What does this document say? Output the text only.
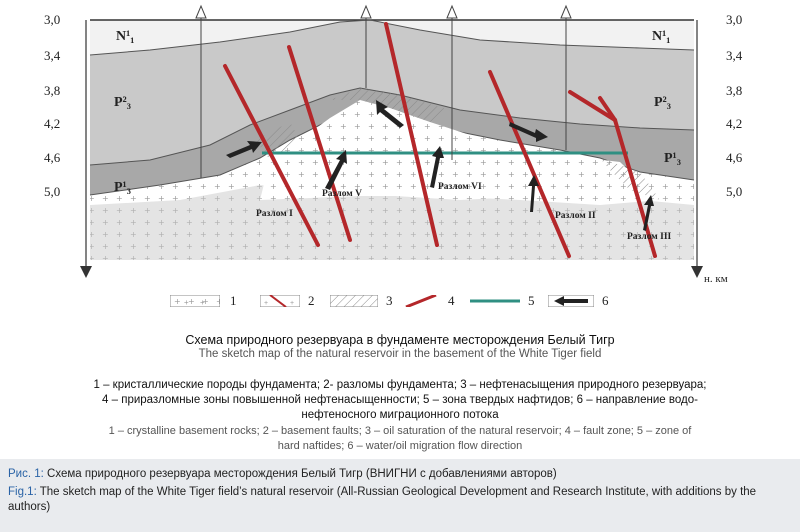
3,0
3,4
3,8
4,2
4,6
5,0
3,0
3,4
3,8
4,2
4,6
5,0
н. км
N¹₁	N¹₁
P²₃	P²₃
P¹₃
P¹₃
Разлом I
Разлом V
Разлом VI
Разлом II
Разлом III
+ + 1	+	+ 2	3	4	5	6
Схема природного резервуара в фундаменте месторождения Белый Тигр
The sketch map of the natural reservoir in the basement of the White Tiger field
1 – кристаллические породы фундамента; 2- разломы фундамента; 3 – нефтенасыщения природного резервуара; 4 – приразломные зоны повышенной нефтенасыщенности; 5 – зона твердых нафтидов; 6 – направление водо-нефтеносного миграционного потока
1 – crystalline basement rocks; 2 – basement faults; 3 – oil saturation of the natural reservoir; 4 – fault zone; 5 – zone of hard naftides; 6 – water/oil migration flow direction
Рис. 1: Схема природного резервуара месторождения Белый Тигр (ВНИГНИ с добавлениями авторов)
Fig.1: The sketch map of the White Tiger field’s natural reservoir (All-Russian Geological Development and Research Institute, with additions by the authors)
